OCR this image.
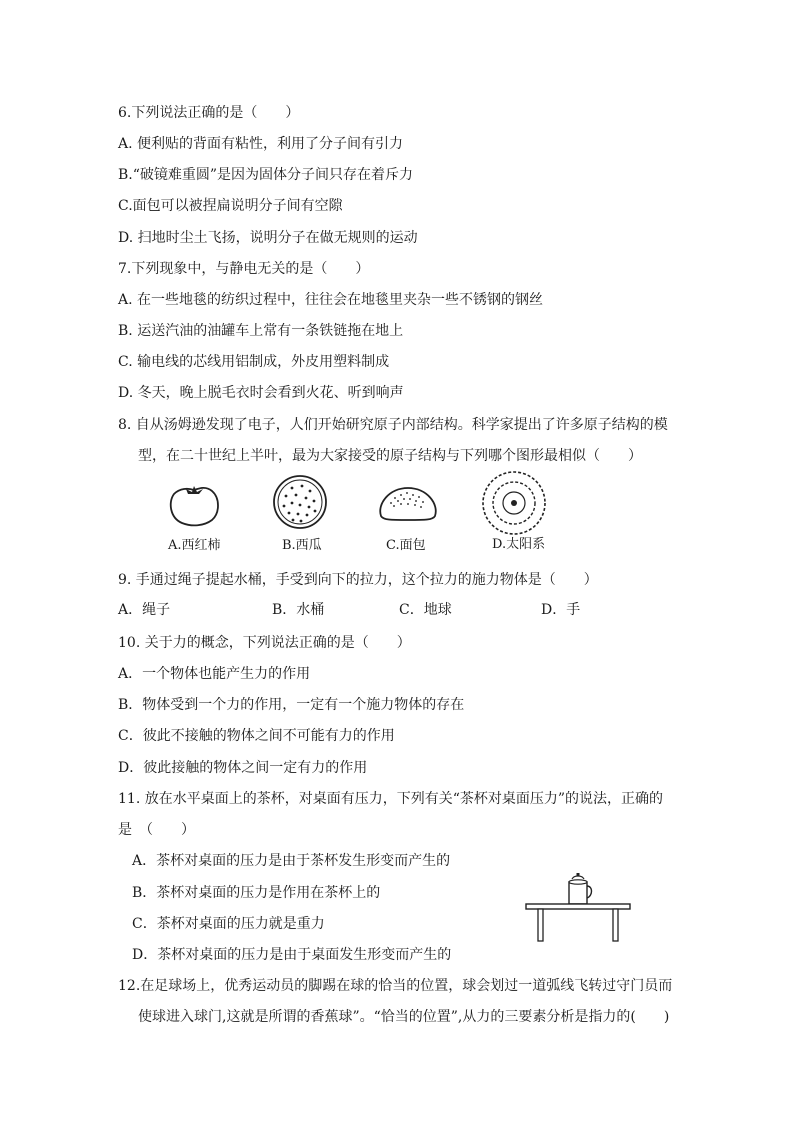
6.下列说法正确的是（　　）
A. 便利贴的背面有粘性，利用了分子间有引力
B.“破镜难重圆”是因为固体分子间只存在着斥力
C.面包可以被捏扁说明分子间有空隙
D. 扫地时尘土飞扬，说明分子在做无规则的运动
7.下列现象中，与静电无关的是（　　）
A. 在一些地毯的纺织过程中，往往会在地毯里夹杂一些不锈钢的钢丝
B. 运送汽油的油罐车上常有一条铁链拖在地上
C. 输电线的芯线用铝制成，外皮用塑料制成
D. 冬天，晚上脱毛衣时会看到火花、听到响声
8. 自从汤姆逊发现了电子，人们开始研究原子内部结构。科学家提出了许多原子结构的模
型，在二十世纪上半叶，最为大家接受的原子结构与下列哪个图形最相似（　　）
A.西红柿	B.西瓜	C.面包	D.太阳系
9. 手通过绳子提起水桶，手受到向下的拉力，这个拉力的施力物体是（　　）
A．绳子	B．水桶	C．地球	D．手
10. 关于力的概念，下列说法正确的是（　　）
A．一个物体也能产生力的作用
B．物体受到一个力的作用，一定有一个施力物体的存在
C．彼此不接触的物体之间不可能有力的作用
D．彼此接触的物体之间一定有力的作用
11. 放在水平桌面上的茶杯，对桌面有压力，下列有关“茶杯对桌面压力”的说法，正确的
是　（　　）
A．茶杯对桌面的压力是由于茶杯发生形变而产生的
B．茶杯对桌面的压力是作用在茶杯上的
C．茶杯对桌面的压力就是重力
D．茶杯对桌面的压力是由于桌面发生形变而产生的
12.在足球场上，优秀运动员的脚踢在球的恰当的位置，球会划过一道弧线飞转过守门员而
使球进入球门,这就是所谓的香蕉球”。“恰当的位置”,从力的三要素分析是指力的(　　)
